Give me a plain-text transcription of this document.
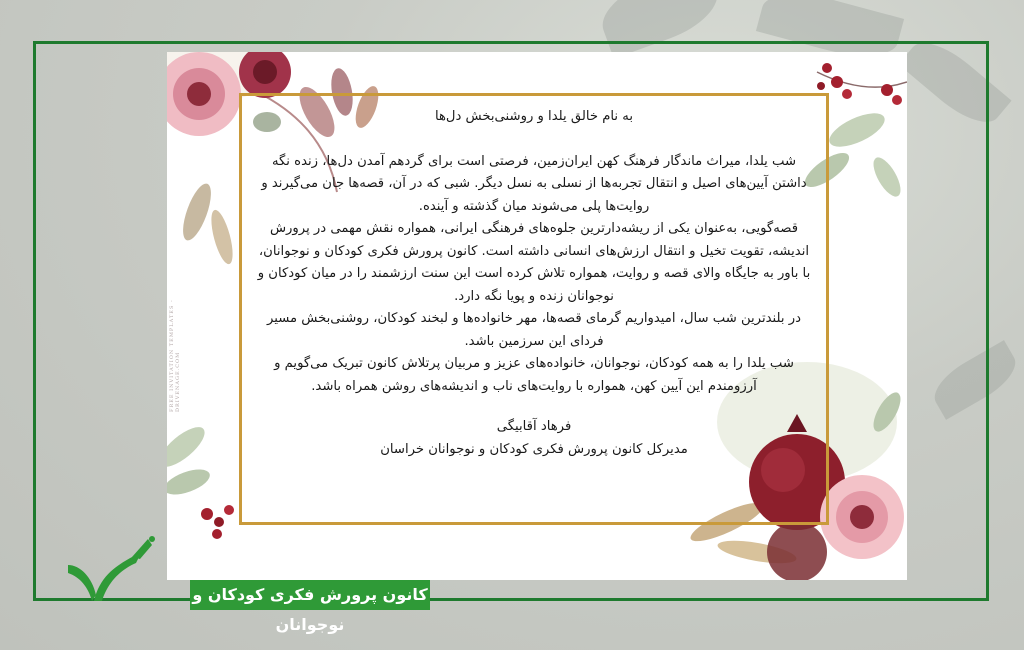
FREE INVITATION TEMPLATES - DRIVENAGE.COM

به نام خالق یلدا و روشنی‌بخش دل‌ها

شب یلدا، میراث ماندگار فرهنگ کهن ایران‌زمین، فرصتی است برای گردهم آمدن دل‌ها، زنده نگه داشتن آیین‌های اصیل و انتقال تجربه‌ها از نسلی به نسل دیگر. شبی که در آن، قصه‌ها جان می‌گیرند و روایت‌ها پلی می‌شوند میان گذشته و آینده.

قصه‌گویی، به‌عنوان یکی از ریشه‌دارترین جلوه‌های فرهنگی ایرانی، همواره نقش مهمی در پرورش اندیشه، تقویت تخیل و انتقال ارزش‌های انسانی داشته است. کانون پرورش فکری کودکان و نوجوانان، با باور به جایگاه والای قصه و روایت، همواره تلاش کرده است این سنت ارزشمند را در میان کودکان و نوجوانان زنده و پویا نگه دارد.

در بلندترین شب سال، امیدواریم گرمای قصه‌ها، مهر خانواده‌ها و لبخند کودکان، روشنی‌بخش مسیر فردای این سرزمین باشد.

شب یلدا را به همه کودکان، نوجوانان، خانواده‌های عزیز و مربیان پرتلاش کانون تبریک می‌گویم و آرزومندم این آیین کهن، همواره با روایت‌های ناب و اندیشه‌های روشن همراه باشد.

فرهاد آقابیگی

مدیرکل کانون پرورش فکری کودکان و نوجوانان خراسان

کانون پرورش فکری کودکان و نوجوانان
